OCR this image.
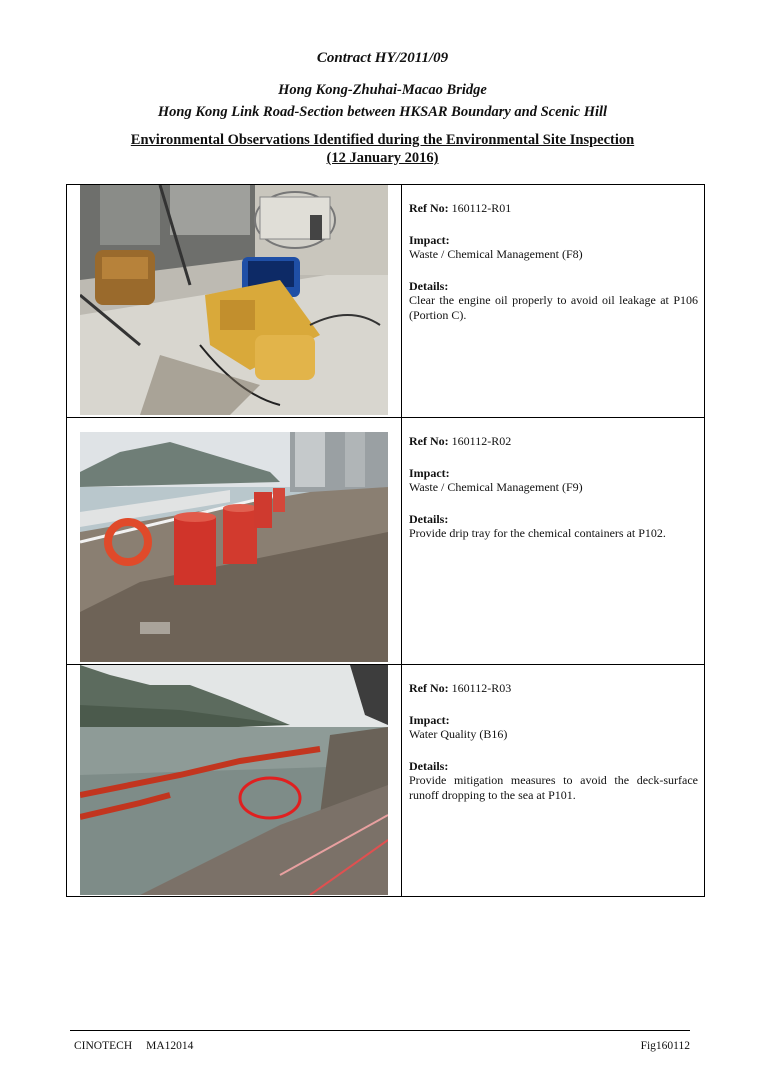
Contract HY/2011/09
Hong Kong-Zhuhai-Macao Bridge
Hong Kong Link Road-Section between HKSAR Boundary and Scenic Hill
Environmental Observations Identified during the Environmental Site Inspection
(12 January 2016)

Ref No: 160112-R01

Impact:

Waste / Chemical Management (F8)

Details:

Clear the engine oil properly to avoid oil leakage at P106 (Portion C).

Ref No: 160112-R02

Impact:

Waste / Chemical Management (F9)

Details:

Provide drip tray for the chemical containers at P102.

Ref No: 160112-R03

Impact:

Water Quality (B16)

Details:

Provide mitigation measures to avoid the deck-surface runoff dropping to the sea at P101.

CINOTECH MA12014	Fig160112
